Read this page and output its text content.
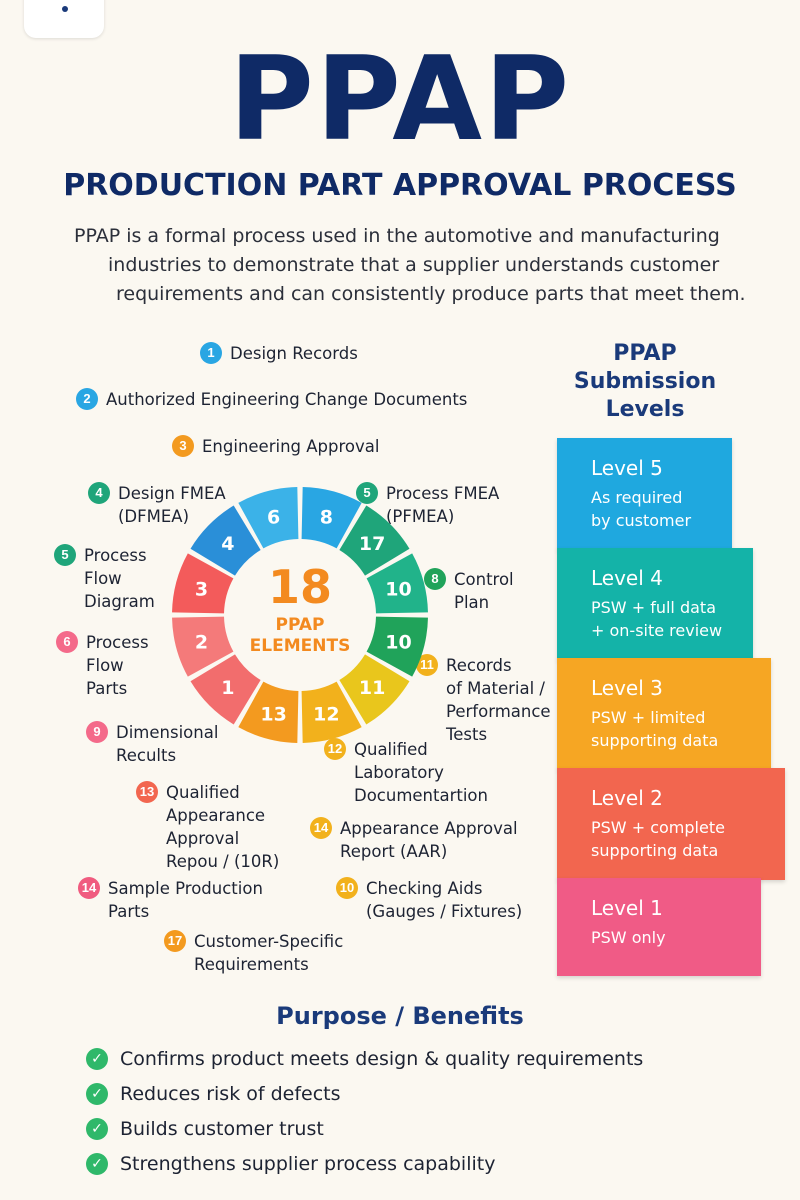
PPAP
PRODUCTION PART APPROVAL PROCESS
PPAP is a formal process used in the automotive and manufacturing
industries to demonstrate that a supplier understands customer
requirements and can consistently produce parts that meet them.
1 Design Records
2 Authorized Engineering Change Documents
3 Engineering Approval
4 Design FMEA
(DFMEA)
5 Process FMEA
(PFMEA)
5 Process
Flow
Diagram
8 Control
Plan
6 Process
Flow
Parts
11 Records
of Material /
Performance
Tests
9 Dimensional
Recults	12 Qualified
Laboratory
Documentartion
13 Qualified
Appearance
Approval
Repou / (10R)
14 Appearance Approval
Report (AAR)
14 Sample Production
Parts
10 Checking Aids
(Gauges / Fixtures)
17 Customer-Specific
Requirements
8
17
10
10
11
12
13
1
2
3
4
6
18
PPAP
ELEMENTS
PPAP
Submission
Levels
Level 5
As required
by customer
Level 4
PSW + full data
+ on-site review
Level 3
PSW + limited
supporting data
Level 2
PSW + complete
supporting data
Level 1
PSW only
Purpose / Benefits
✓ Confirms product meets design & quality requirements
✓ Reduces risk of defects
✓ Builds customer trust
✓ Strengthens supplier process capability
